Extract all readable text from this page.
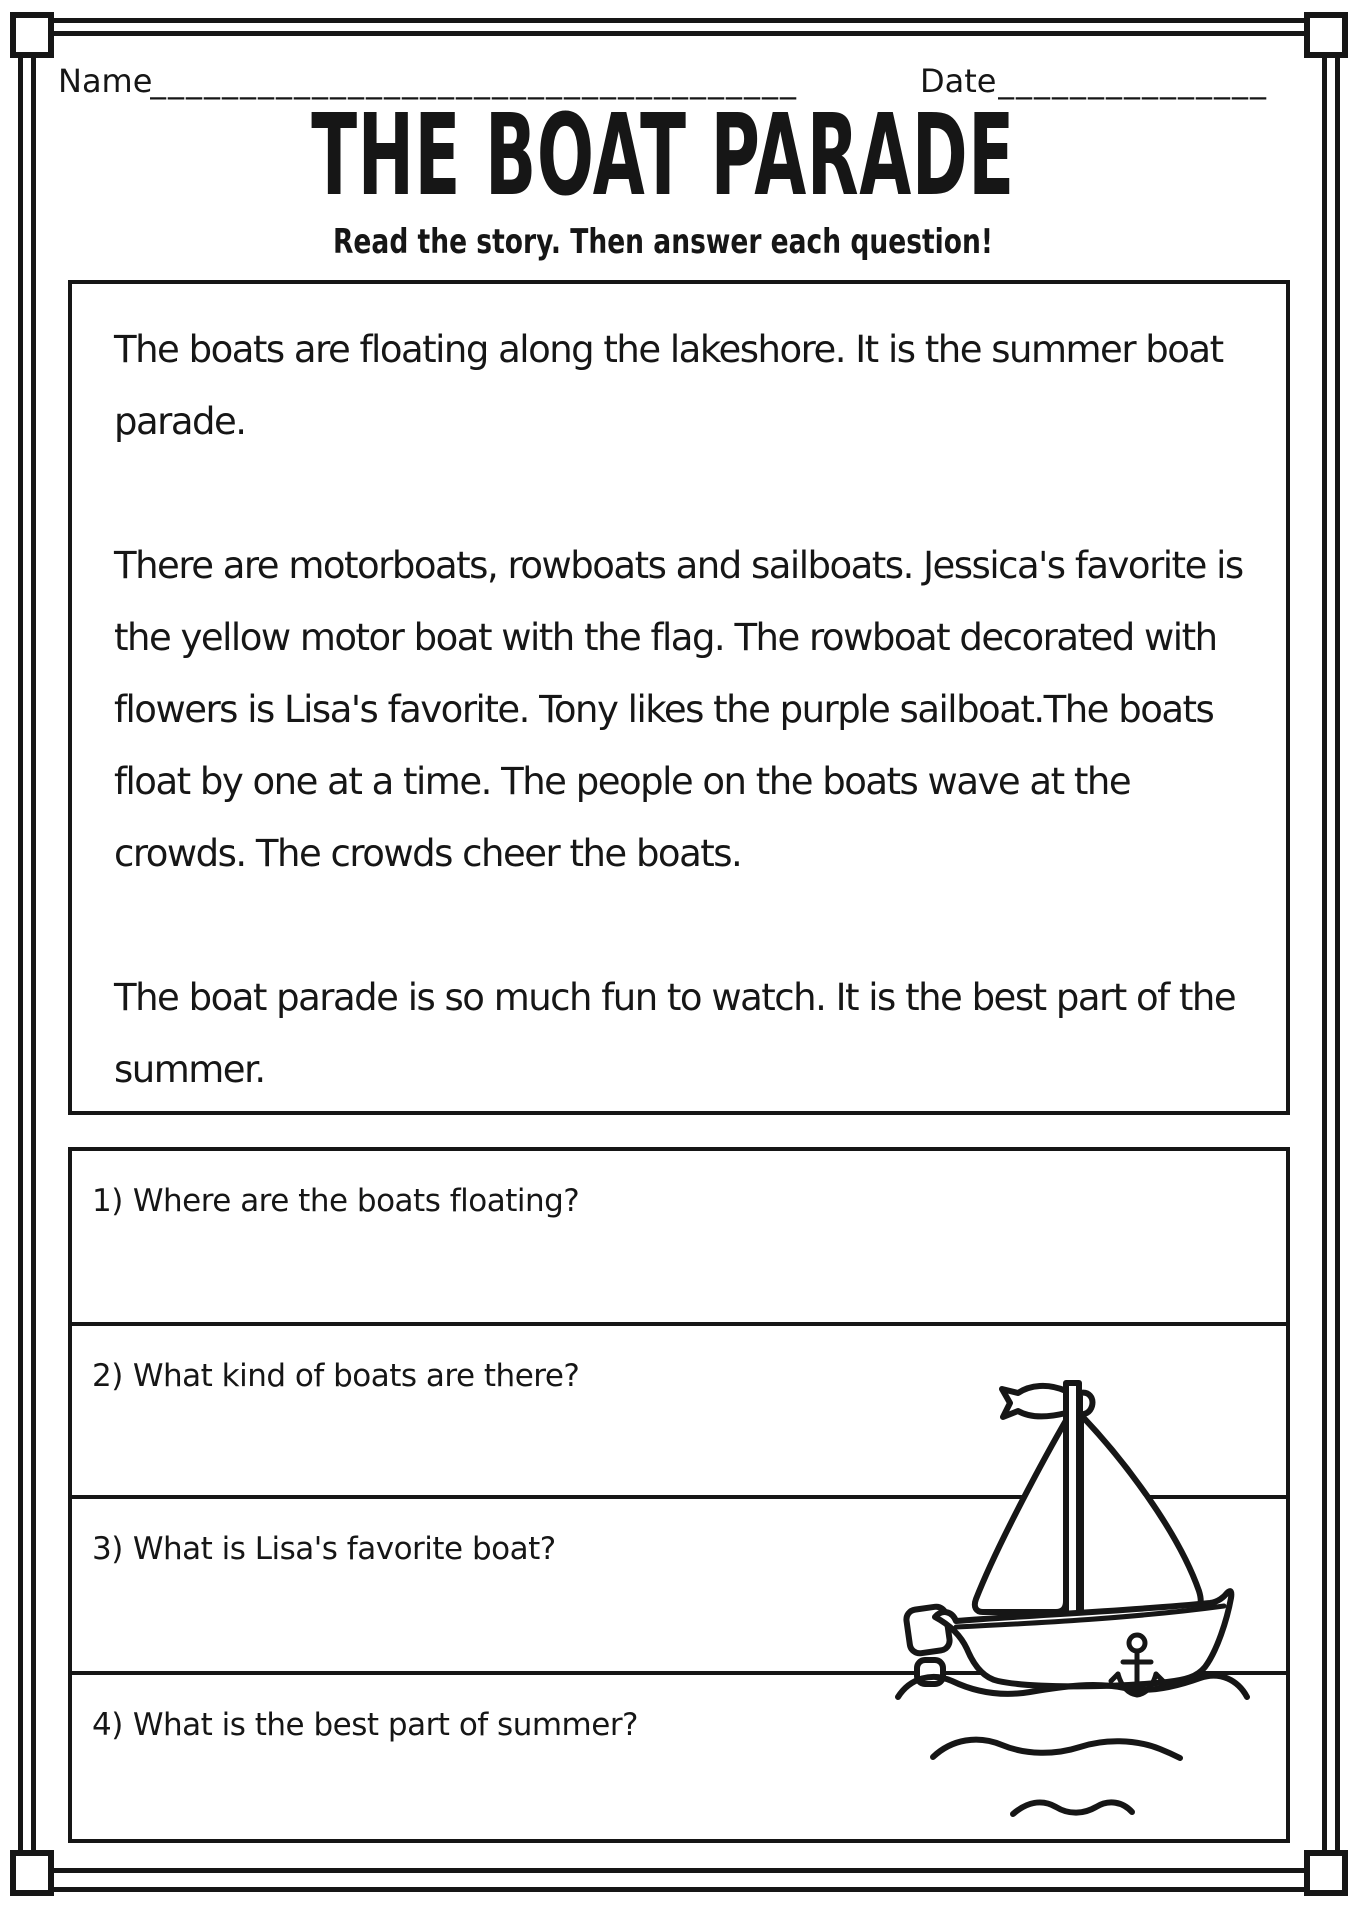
Name
____________________________________	Date _______________
THE BOAT PARADE
Read the story. Then answer each question!

The boats are floating along the lakeshore. It is the summer boat parade.

There are motorboats, rowboats and sailboats. Jessica's favorite is the yellow motor boat with the flag. The rowboat decorated with flowers is Lisa's favorite. Tony likes the purple sailboat.The boats float by one at a time. The people on the boats wave at the crowds. The crowds cheer the boats.

The boat parade is so much fun to watch. It is the best part of the summer.

1) Where are the boats floating?
2) What kind of boats are there?
3) What is Lisa's favorite boat?
4) What is the best part of summer?
